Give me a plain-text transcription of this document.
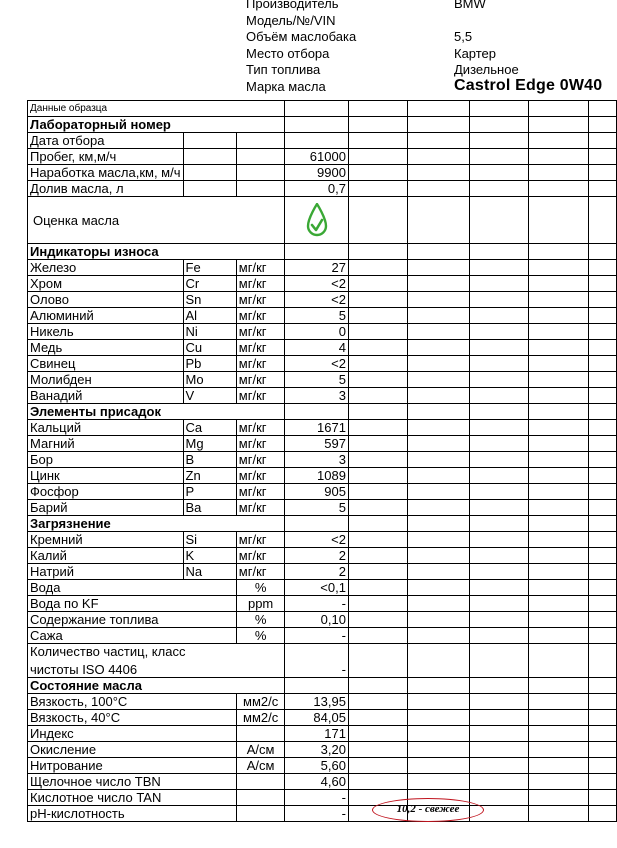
Производитель	BMW
Модель/№/VIN
Объём маслобака	5,5
Место отбора	Картер
Тип топлива	Дизельное
Марка масла	Castrol Edge 0W40
Данные образца								
Лабораторный номер								
Дата отбора								
Пробег, км,м/ч			61000					
Наработка масла,км, м/ч			9900					
Долив масла, л			0,7					
Оценка масла	

Индикаторы износа								
Железо	Fe	мг/кг	27					
Хром	Cr	мг/кг	<2					
Олово	Sn	мг/кг	<2					
Алюминий	Al	мг/кг	5					
Никель	Ni	мг/кг	0					
Медь	Cu	мг/кг	4					
Свинец	Pb	мг/кг	<2					
Молибден	Mo	мг/кг	5					
Ванадий	V	мг/кг	3					
Элементы присадок								
Кальций	Ca	мг/кг	1671					
Магний	Mg	мг/кг	597					
Бор	B	мг/кг	3					
Цинк	Zn	мг/кг	1089					
Фосфор	P	мг/кг	905					
Барий	Ba	мг/кг	5					
Загрязнение								
Кремний	Si	мг/кг	<2					
Калий	K	мг/кг	2					
Натрий	Na	мг/кг	2					
Вода		%	<0,1					
Вода по KF		ppm	-					
Содержание топлива		%	0,10					
Сажа		%	-					

Количество частиц, класс
чистоты ISO 4406			-					
Состояние масла								
Вязкость, 100°С		мм2/с	13,95					
Вязкость, 40°С		мм2/с	84,05					
Индекс			171					
Окисление		А/см	3,20					
Нитрование		А/см	5,60					
Щелочное число TBN			4,60					
Кислотное число TAN			-					
pH-кислотность			-						10,2 - свежее
